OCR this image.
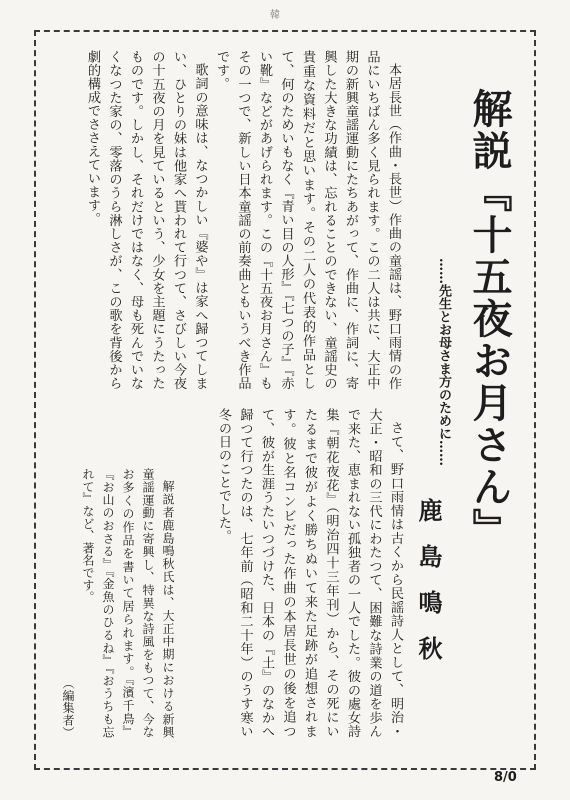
韓
解説『十五夜お月さん』
……先生とお母さま方のために……
鹿島鳴秋

本居長世（作曲・長世）作曲の童謡は、野口雨情の作品にいちばん多く見られます。この二人は共に、大正中期の新興童謡運動にたちあがって、作曲に、作詞に、寄興した大きな功績は、忘れることのできない、童謡史の貴重な資料だと思います。その二人の代表的作品として、何のためいもなく『青い目の人形』『七つの子』『赤い靴』などがあげられます。この『十五夜お月さん』もその一つで、新しい日本童謡の前奏曲ともいうべき作品です。

歌詞の意味は、なつかしい『婆や』は家へ歸つてしまい、ひとりの妹は他家へ貰われて行つて、さびしい今夜の十五夜の月を見ているという、少女を主題にうたったものです。しかし、それだけではなく、母も死んでいなくなつた家の、零落のうら淋しさが、この歌を背後から劇的構成でささえています。

さて、野口雨情は古くから民謡詩人として、明治・大正・昭和の三代にわたつて、困難な詩業の道を歩んで来た、恵まれない孤独者の一人でした。彼の處女詩集『朝花夜花』（明治四十三年刊）から、その死にいたるまで彼がよく勝ちぬいて来た足跡が追想されます。彼と名コンビだった作曲の本居長世の後を追つて、彼が生涯うたいつづけた、日本の『土』のなかへ歸つて行つたのは、七年前（昭和二十年）のうす寒い冬の日のことでした。

解説者鹿島鳴秋氏は、大正中期における新興童謡運動に寄興し、特異な詩風をもつて、今なお多くの作品を書いて居られます。『濱千鳥』『お山のおさる』『金魚のひるね』『おうちも忘れて』など、著名です。

（編集者）
8/0
